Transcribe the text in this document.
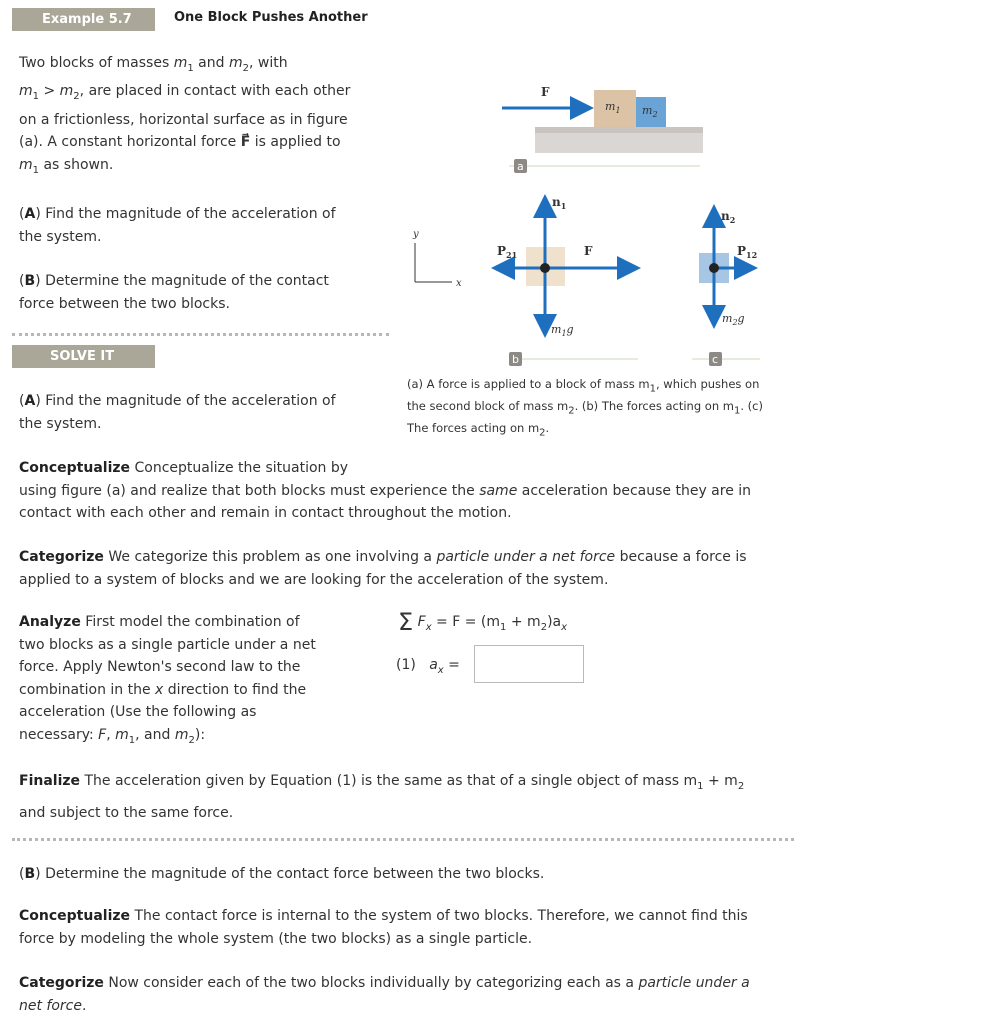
Example 5.7	One Block Pushes Another
Two blocks of masses $m_1$ and $m_2$, with
$m_1 > m_2$, are placed in contact with each other
on a frictionless, horizontal surface as in figure
(a). A constant horizontal force F⃗ is applied to
$m_1$ as shown.
(A) Find the magnitude of the acceleration of
the system.
(B) Determine the magnitude of the contact
force between the two blocks.
SOLVE IT
$m_1$ $m_2$
F
a
y
x
$n_1$
$P_{21}$	F
$m_1g$
b
$n_2$
$P_{12}$
$m_2g$
c
(a) A force is applied to a block of mass $m_1$, which pushes on
the second block of mass $m_2$. (b) The forces acting on $m_1$. (c)
The forces acting on $m_2$.
(A) Find the magnitude of the acceleration of
the system.
Conceptualize Conceptualize the situation by
using figure (a) and realize that both blocks must experience the same acceleration because they are in
contact with each other and remain in contact throughout the motion.
Categorize We categorize this problem as one involving a particle under a net force because a force is
applied to a system of blocks and we are looking for the acceleration of the system.
Analyze First model the combination of
two blocks as a single particle under a net
force. Apply Newton's second law to the
combination in the x direction to find the
acceleration (Use the following as
necessary: F, $m_1$, and $m_2$):
Σ $F_x = F = (m_1 + m_2)a_x$
(1) $a_x$ =
Finalize The acceleration given by Equation (1) is the same as that of a single object of mass $m_1 + m_2$
and subject to the same force.
(B) Determine the magnitude of the contact force between the two blocks.
Conceptualize The contact force is internal to the system of two blocks. Therefore, we cannot find this
force by modeling the whole system (the two blocks) as a single particle.
Categorize Now consider each of the two blocks individually by categorizing each as a particle under a
net force.
